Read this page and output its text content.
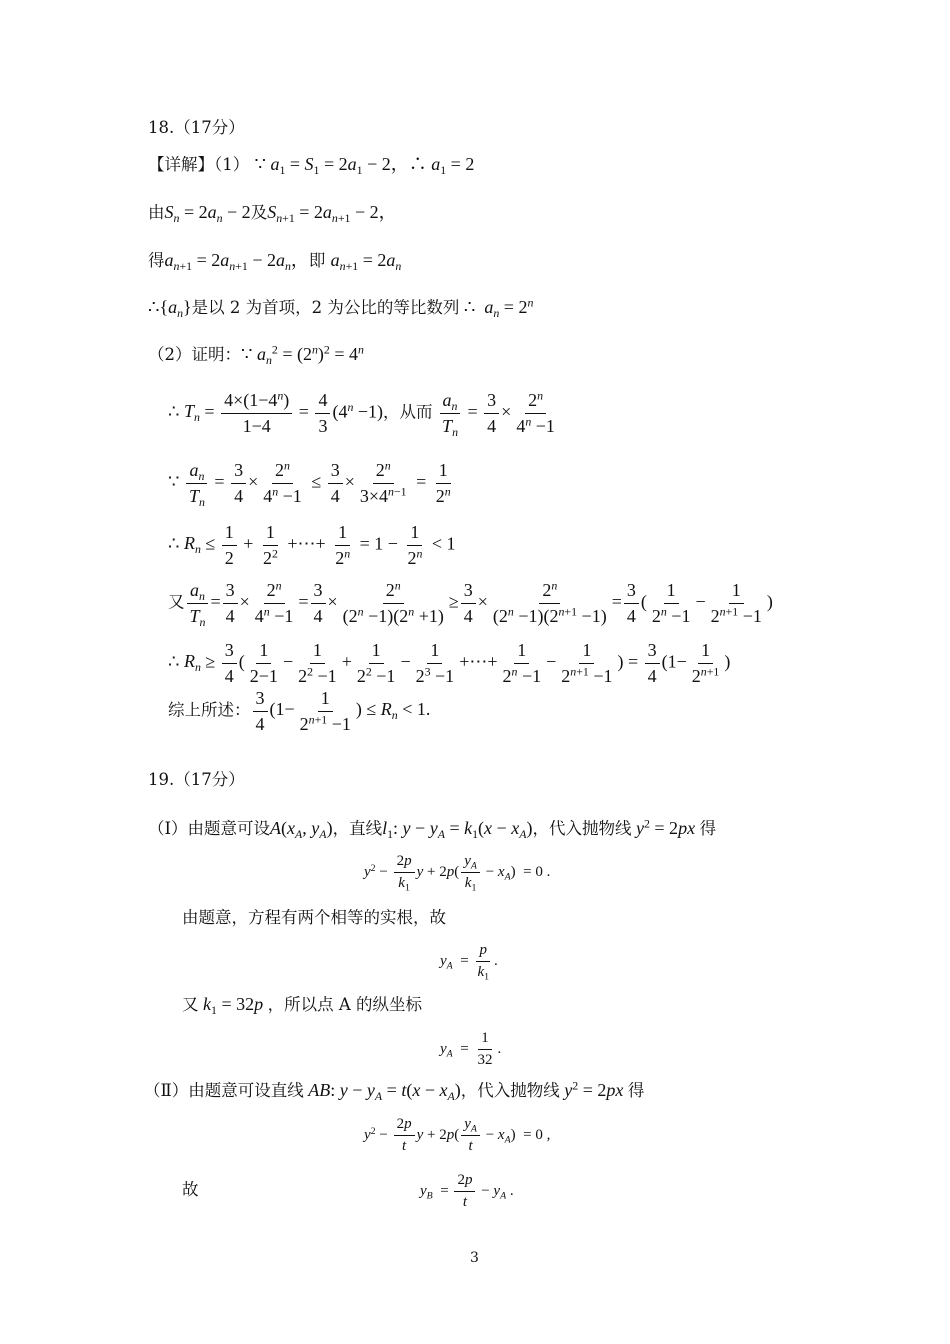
18.（17分）
【详解】（1） ∵ $a_1 = S_1 = 2a_1 - 2$，∴ $a_1 = 2$
由$S_n = 2a_n - 2$及$S_{n+1} = 2a_{n+1} - 2$，
得$a_{n+1} = 2a_{n+1} - 2a_n$，即 $a_{n+1} = 2a_n$
$\therefore\{a_n\}$是以 2 为首项，2 为公比的等比数列 ∴  $a_n = 2^n$
（2）证明：∵ $a_n^2 = (2^n)^2 = 4^n$
∴ $T_n = \frac{4\times(1-4^n)}{1-4} = \frac{4}{3} (4^n -1)$，从而 $\frac{a_n}{T_n} = \frac{3}{4} \times \frac{2^n}{4^n -1}$
∵ $\frac{a_n}{T_n} = \frac{3}{4} \times \frac{2^n}{4^n -1} \le \frac{3}{4} \times \frac{2^n}{3\times 4^{n-1}} = \frac{1}{2^n}$
∴ $R_n \le \frac{1}{2} + \frac{1}{2^2}$ +⋯+ $\frac{1}{2^n} = 1 - \frac{1}{2^n} < 1$
又 $\frac{a_n}{T_n} = \frac{3}{4} \times \frac{2^n}{4^n -1} = \frac{3}{4} \times \frac{2^n}{(2^n -1)(2^n +1)} \ge \frac{3}{4} \times \frac{2^n}{(2^n -1)(2^{n+1} -1)} = \frac{3}{4}$ ( $\frac{1}{2^n -1} - \frac{1}{2^{n+1} -1}$ )
∴ $R_n \ge \frac{3}{4}$ ( $\frac{1}{2-1} - \frac{1}{2^2 -1} + \frac{1}{2^2 -1} - \frac{1}{2^3 -1}$ +⋯+ $\frac{1}{2^n -1} - \frac{1}{2^{n+1} -1}$ ) = $\frac{3}{4} (1- \frac{1}{2^{n+1}}$ )
综上所述： $\frac{3}{4} (1- \frac{1}{2^{n+1} -1}$ ) ≤ $R_n < 1$.
19.（17分）
（Ⅰ）由题意可设$A(x_A$, $y_A$)，直线$l_1$: $y - y_A = k_1(x - x_A)$，代入抛物线 $y^2 = 2px$ 得
$y^2 - \frac{2p}{k_1}$ $y + 2p( \frac{y_A}{k_1} - x_A) = 0$ .
由题意，方程有两个相等的实根，故
$y_A = \frac{p}{k_1}$ .
又 $k_1 = 32p$ ，所以点 A 的纵坐标
$y_A = \frac{1}{32}$ .
（Ⅱ）由题意可设直线 AB: $y - y_A = t(x - x_A)$，代入抛物线 $y^2 = 2px$ 得
$y^2 - \frac{2p}{t}$ $y + 2p( \frac{y_A}{t} - x_A) = 0$ ,
故	$y_B = \frac{2p}{t} - y_A$ .
3
